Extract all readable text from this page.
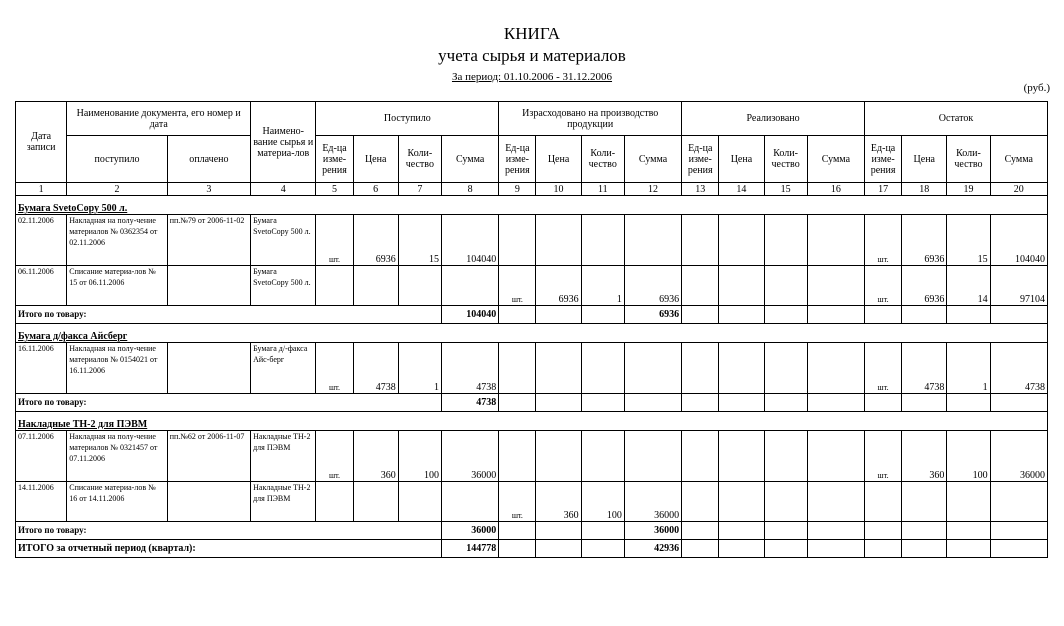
КНИГА
учета сырья и материалов
За период: 01.10.2006 - 31.12.2006
(руб.)
Дата записи	Наименование документа, его номер и дата		Наимено-вание сырья и материа-лов	Поступило				Израсходовано на производство продукции				Реализовано				Остаток			
	поступило	оплачено		Ед-ца изме-рения	Цена	Коли-чество	Сумма	Ед-ца изме-рения	Цена	Коли-чество	Сумма	Ед-ца изме-рения	Цена	Коли-чество	Сумма	Ед-ца изме-рения	Цена	Коли-чество	Сумма
1	2	3	4	5	6	7	8	9	10	11	12	13	14	15	16	17	18	19	20
Бумага SvetoCopy 500 л.																			
02.11.2006	Накладная на полу-чение материалов № 0362354 от 02.11.2006	пп.№79 от 2006-11-02	Бумага SvetoCopy 500 л.	шт.	6936	15	104040									шт.	6936	15	104040
06.11.2006	Списание материа-лов № 15 от 06.11.2006		Бумага SvetoCopy 500 л.					шт.	6936	1	6936					шт.	6936	14	97104
Итого по товару:							104040				6936								
Бумага д/факса Айсберг																			
16.11.2006	Накладная на полу-чение материалов № 0154021 от 16.11.2006		Бумага д/-факса Айс-берг	шт.	4738	1	4738									шт.	4738	1	4738
Итого по товару:							4738												
Накладные ТН-2 для ПЭВМ																			
07.11.2006	Накладная на полу-чение материалов № 0321457 от 07.11.2006	пп.№62 от 2006-11-07	Накладные ТН-2 для ПЭВМ	шт.	360	100	36000									шт.	360	100	36000
14.11.2006	Списание материа-лов № 16 от 14.11.2006		Накладные ТН-2 для ПЭВМ					шт.	360	100	36000								
Итого по товару:							36000				36000								
ИТОГО за отчетный период (квартал):							144778				42936								
